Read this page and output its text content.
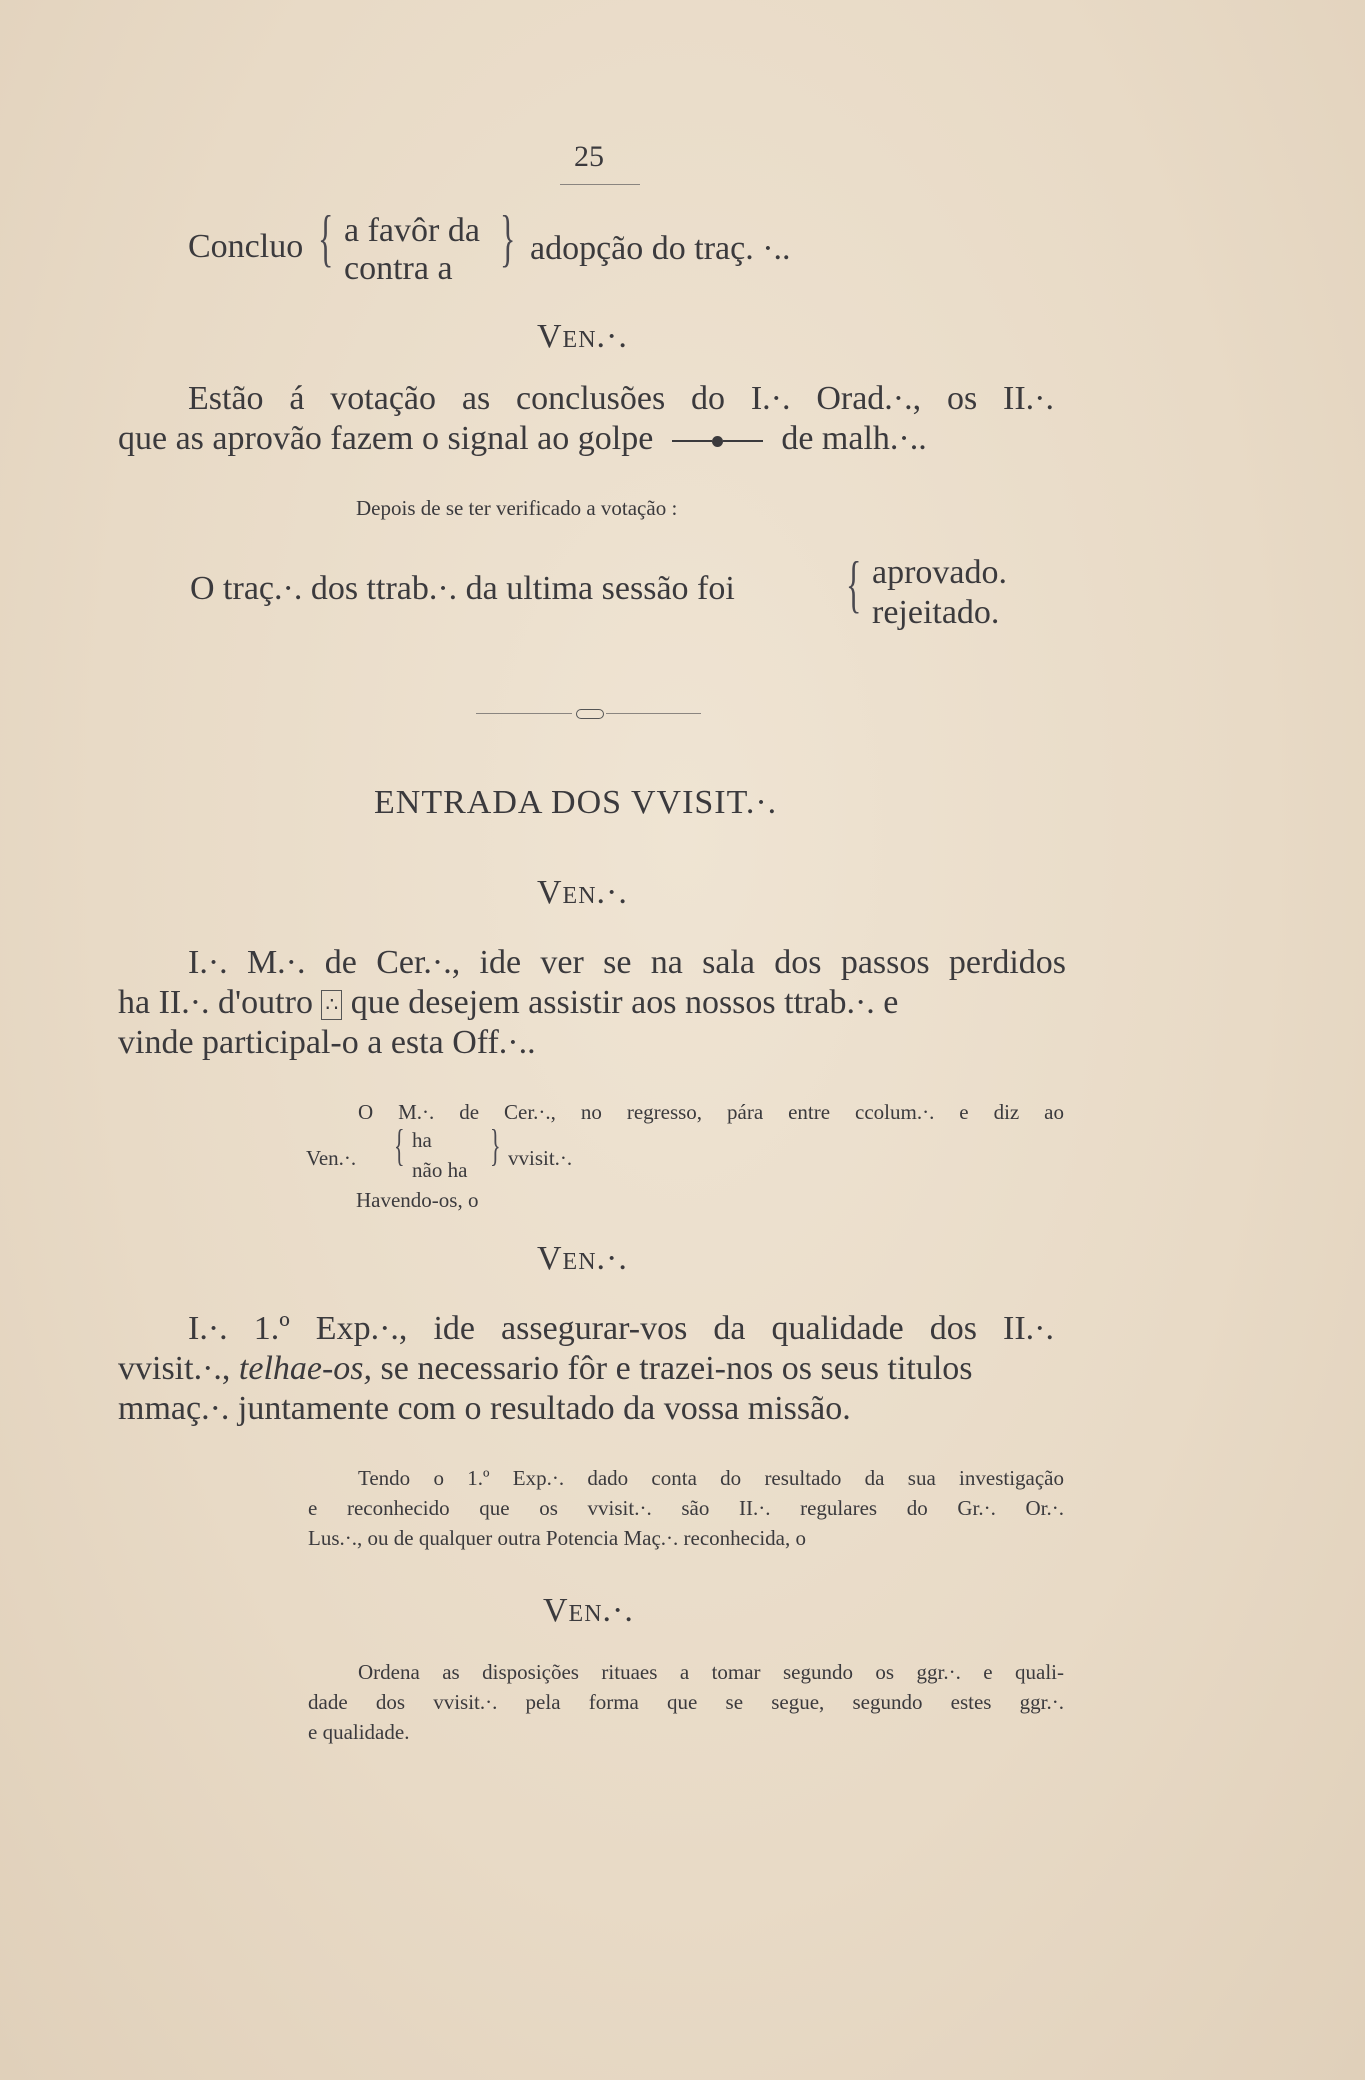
25
Concluo { a favôr da
contra a } adopção do traç. ·..
Ven.·.
Estão á votação as conclusões do I.·. Orad.·., os II.·.
que as aprovão fazem o signal ao golpe	de malh.·..
Depois de se ter verificado a votação :
O traç.·. dos ttrab.·. da ultima sessão foi { aprovado.
rejeitado.
ENTRADA DOS VVISIT.·.
Ven.·.
I.·. M.·. de Cer.·., ide ver se na sala dos passos perdidos
ha II.·. d'outro ∴ que desejem assistir aos nossos ttrab.·. e
vinde participal-o a esta Off.·..
O M.·. de Cer.·., no regresso, pára entre ccolum.·. e diz ao
Ven.·. { ha
não ha } vvisit.·.
Havendo-os, o
Ven.·.
I.·. 1.º Exp.·., ide assegurar-vos da qualidade dos II.·.
vvisit.·., telhae-os, se necessario fôr e trazei-nos os seus titulos
mmaç.·. juntamente com o resultado da vossa missão.
Tendo o 1.º Exp.·. dado conta do resultado da sua investigação
e reconhecido que os vvisit.·. são II.·. regulares do Gr.·. Or.·.
Lus.·., ou de qualquer outra Potencia Maç.·. reconhecida, o
Ven.·.
Ordena as disposições rituaes a tomar segundo os ggr.·. e quali-
dade dos vvisit.·. pela forma que se segue, segundo estes ggr.·.
e qualidade.
